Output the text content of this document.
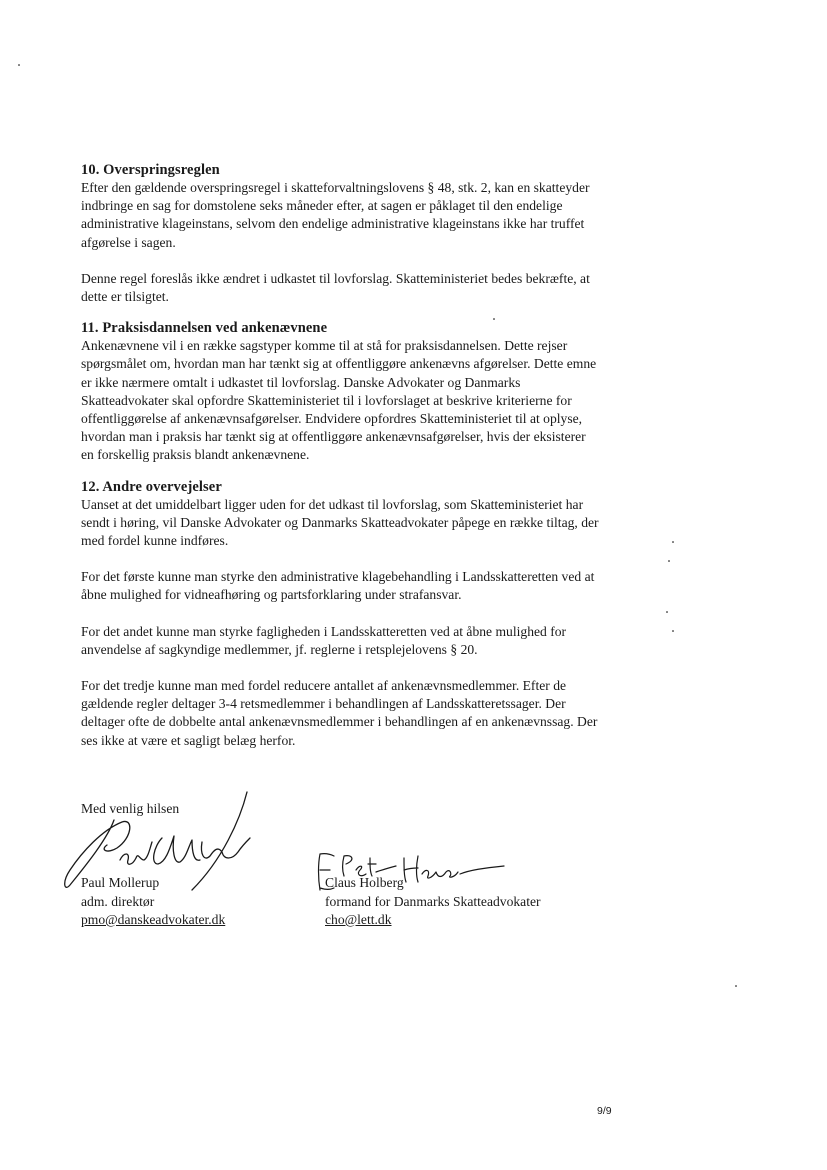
10. Overspringsreglen

Efter den gældende overspringsregel i skatteforvaltningslovens § 48, stk. 2, kan en skatteyder indbringe en sag for domstolene seks måneder efter, at sagen er påklaget til den endelige administrative klageinstans, selvom den endelige administrative klageinstans ikke har truffet afgørelse i sagen.

Denne regel foreslås ikke ændret i udkastet til lovforslag. Skatteministeriet bedes bekræfte, at dette er tilsigtet.

11. Praksisdannelsen ved ankenævnene

Ankenævnene vil i en række sagstyper komme til at stå for praksisdannelsen. Dette rejser spørgsmålet om, hvordan man har tænkt sig at offentliggøre ankenævns afgørelser. Dette emne er ikke nærmere omtalt i udkastet til lovforslag. Danske Advokater og Danmarks Skatteadvokater skal opfordre Skatteministeriet til i lovforslaget at beskrive kriterierne for offentliggørelse af ankenævnsafgørelser. Endvidere opfordres Skatteministeriet til at oplyse, hvordan man i praksis har tænkt sig at offentliggøre ankenævnsafgørelser, hvis der eksisterer en forskellig praksis blandt ankenævnene.

12. Andre overvejelser

Uanset at det umiddelbart ligger uden for det udkast til lovforslag, som Skatteministeriet har sendt i høring, vil Danske Advokater og Danmarks Skatteadvokater påpege en række tiltag, der med fordel kunne indføres.

For det første kunne man styrke den administrative klagebehandling i Landsskatteretten ved at åbne mulighed for vidneafhøring og partsforklaring under strafansvar.

For det andet kunne man styrke fagligheden i Landsskatteretten ved at åbne mulighed for anvendelse af sagkyndige medlemmer, jf. reglerne i retsplejelovens § 20.

For det tredje kunne man med fordel reducere antallet af ankenævnsmedlemmer. Efter de gældende regler deltager 3-4 retsmedlemmer i behandlingen af Landsskatteretssager. Der deltager ofte de dobbelte antal ankenævnsmedlemmer i behandlingen af en ankenævnssag. Der ses ikke at være et sagligt belæg herfor.

Med venlig hilsen
Paul Mollerup
adm. direktør
pmo@danskeadvokater.dk
Claus Holberg
formand for Danmarks Skatteadvokater
cho@lett.dk
9/9
